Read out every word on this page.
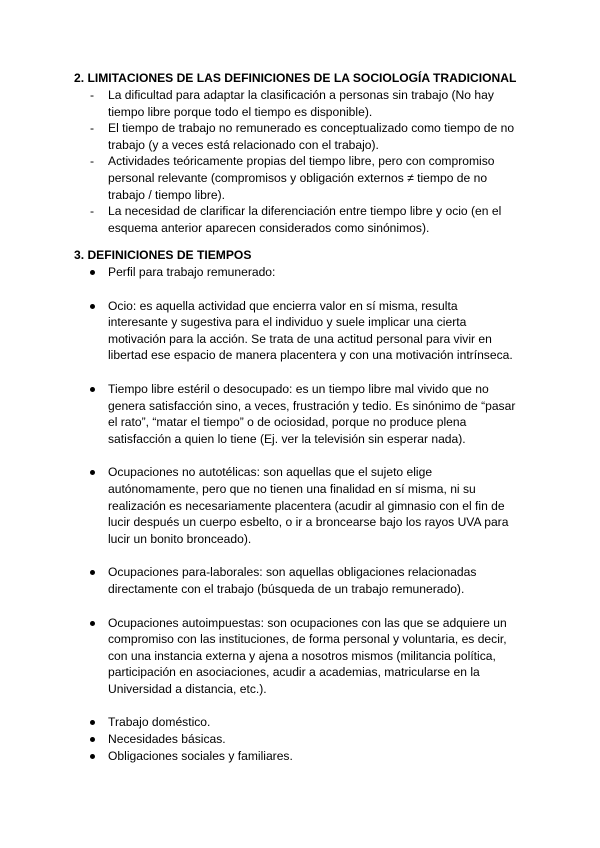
2. LIMITACIONES DE LAS DEFINICIONES DE LA SOCIOLOGÍA TRADICIONAL
-	La dificultad para adaptar la clasificación a personas sin trabajo (No hay tiempo libre porque todo el tiempo es disponible).
-	El tiempo de trabajo no remunerado es conceptualizado como tiempo de no trabajo (y a veces está relacionado con el trabajo).
-	Actividades teóricamente propias del tiempo libre, pero con compromiso personal relevante (compromisos y obligación externos ≠ tiempo de no trabajo / tiempo libre).
-	La necesidad de clarificar la diferenciación entre tiempo libre y ocio (en el esquema anterior aparecen considerados como sinónimos).
3. DEFINICIONES DE TIEMPOS
Perfil para trabajo remunerado:
Ocio: es aquella actividad que encierra valor en sí misma, resulta interesante y sugestiva para el individuo y suele implicar una cierta motivación para la acción. Se trata de una actitud personal para vivir en libertad ese espacio de manera placentera y con una motivación intrínseca.
Tiempo libre estéril o desocupado: es un tiempo libre mal vivido que no genera satisfacción sino, a veces, frustración y tedio. Es sinónimo de “pasar el rato”, “matar el tiempo” o de ociosidad, porque no produce plena satisfacción a quien lo tiene (Ej. ver la televisión sin esperar nada).
Ocupaciones no autotélicas: son aquellas que el sujeto elige autónomamente, pero que no tienen una finalidad en sí misma, ni su realización es necesariamente placentera (acudir al gimnasio con el fin de lucir después un cuerpo esbelto, o ir a broncearse bajo los rayos UVA para lucir un bonito bronceado).
Ocupaciones para-laborales: son aquellas obligaciones relacionadas directamente con el trabajo (búsqueda de un trabajo remunerado).
Ocupaciones autoimpuestas: son ocupaciones con las que se adquiere un compromiso con las instituciones, de forma personal y voluntaria, es decir, con una instancia externa y ajena a nosotros mismos (militancia política, participación en asociaciones, acudir a academias, matricularse en la Universidad a distancia, etc.).
Trabajo doméstico.
Necesidades básicas.
Obligaciones sociales y familiares.
